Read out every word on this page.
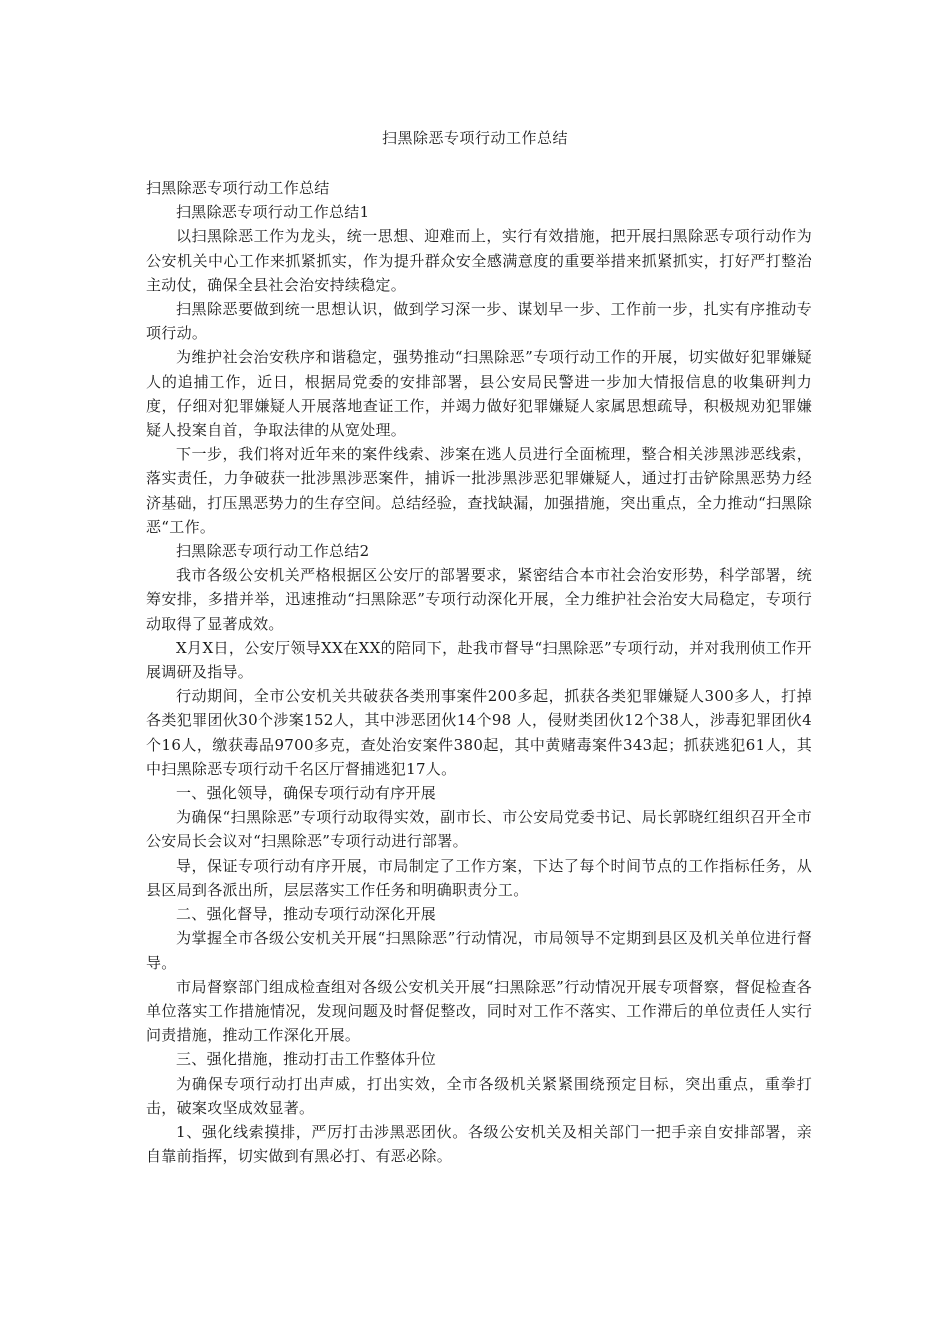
扫黑除恶专项行动工作总结

扫黑除恶专项行动工作总结

扫黑除恶专项行动工作总结1

以扫黑除恶工作为龙头，统一思想、迎难而上，实行有效措施，把开展扫黑除恶专项行动作为公安机关中心工作来抓紧抓实，作为提升群众安全感满意度的重要举措来抓紧抓实，打好严打整治主动仗，确保全县社会治安持续稳定。

扫黑除恶要做到统一思想认识，做到学习深一步、谋划早一步、工作前一步，扎实有序推动专项行动。

为维护社会治安秩序和谐稳定，强势推动“扫黑除恶”专项行动工作的开展，切实做好犯罪嫌疑人的追捕工作，近日，根据局党委的安排部署，县公安局民警进一步加大情报信息的收集研判力度，仔细对犯罪嫌疑人开展落地查证工作，并竭力做好犯罪嫌疑人家属思想疏导，积极规劝犯罪嫌疑人投案自首，争取法律的从宽处理。

下一步，我们将对近年来的案件线索、涉案在逃人员进行全面梳理，整合相关涉黑涉恶线索，落实责任，力争破获一批涉黑涉恶案件，捕诉一批涉黑涉恶犯罪嫌疑人，通过打击铲除黑恶势力经济基础，打压黑恶势力的生存空间。总结经验，查找缺漏，加强措施，突出重点，全力推动“扫黑除恶“工作。

扫黑除恶专项行动工作总结2

我市各级公安机关严格根据区公安厅的部署要求，紧密结合本市社会治安形势，科学部署，统筹安排，多措并举，迅速推动“扫黑除恶”专项行动深化开展，全力维护社会治安大局稳定，专项行动取得了显著成效。

X月X日，公安厅领导XX在XX的陪同下，赴我市督导“扫黑除恶”专项行动，并对我刑侦工作开展调研及指导。

行动期间，全市公安机关共破获各类刑事案件200多起，抓获各类犯罪嫌疑人300多人，打掉各类犯罪团伙30个涉案152人，其中涉恶团伙14个98 人，侵财类团伙12个38人，涉毒犯罪团伙4个16人，缴获毒品9700多克，查处治安案件380起，其中黄赌毒案件343起；抓获逃犯61人，其中扫黑除恶专项行动千名区厅督捕逃犯17人。

一、强化领导，确保专项行动有序开展

为确保“扫黑除恶”专项行动取得实效，副市长、市公安局党委书记、局长郭晓红组织召开全市公安局长会议对“扫黑除恶”专项行动进行部署。

导，保证专项行动有序开展，市局制定了工作方案，下达了每个时间节点的工作指标任务，从县区局到各派出所，层层落实工作任务和明确职责分工。

二、强化督导，推动专项行动深化开展

为掌握全市各级公安机关开展“扫黑除恶”行动情况，市局领导不定期到县区及机关单位进行督导。

市局督察部门组成检查组对各级公安机关开展“扫黑除恶”行动情况开展专项督察，督促检查各单位落实工作措施情况，发现问题及时督促整改，同时对工作不落实、工作滞后的单位责任人实行问责措施，推动工作深化开展。

三、强化措施，推动打击工作整体升位

为确保专项行动打出声威，打出实效，全市各级机关紧紧围绕预定目标，突出重点，重拳打击，破案攻坚成效显著。

1、强化线索摸排，严厉打击涉黑恶团伙。各级公安机关及相关部门一把手亲自安排部署，亲自靠前指挥，切实做到有黑必打、有恶必除。
